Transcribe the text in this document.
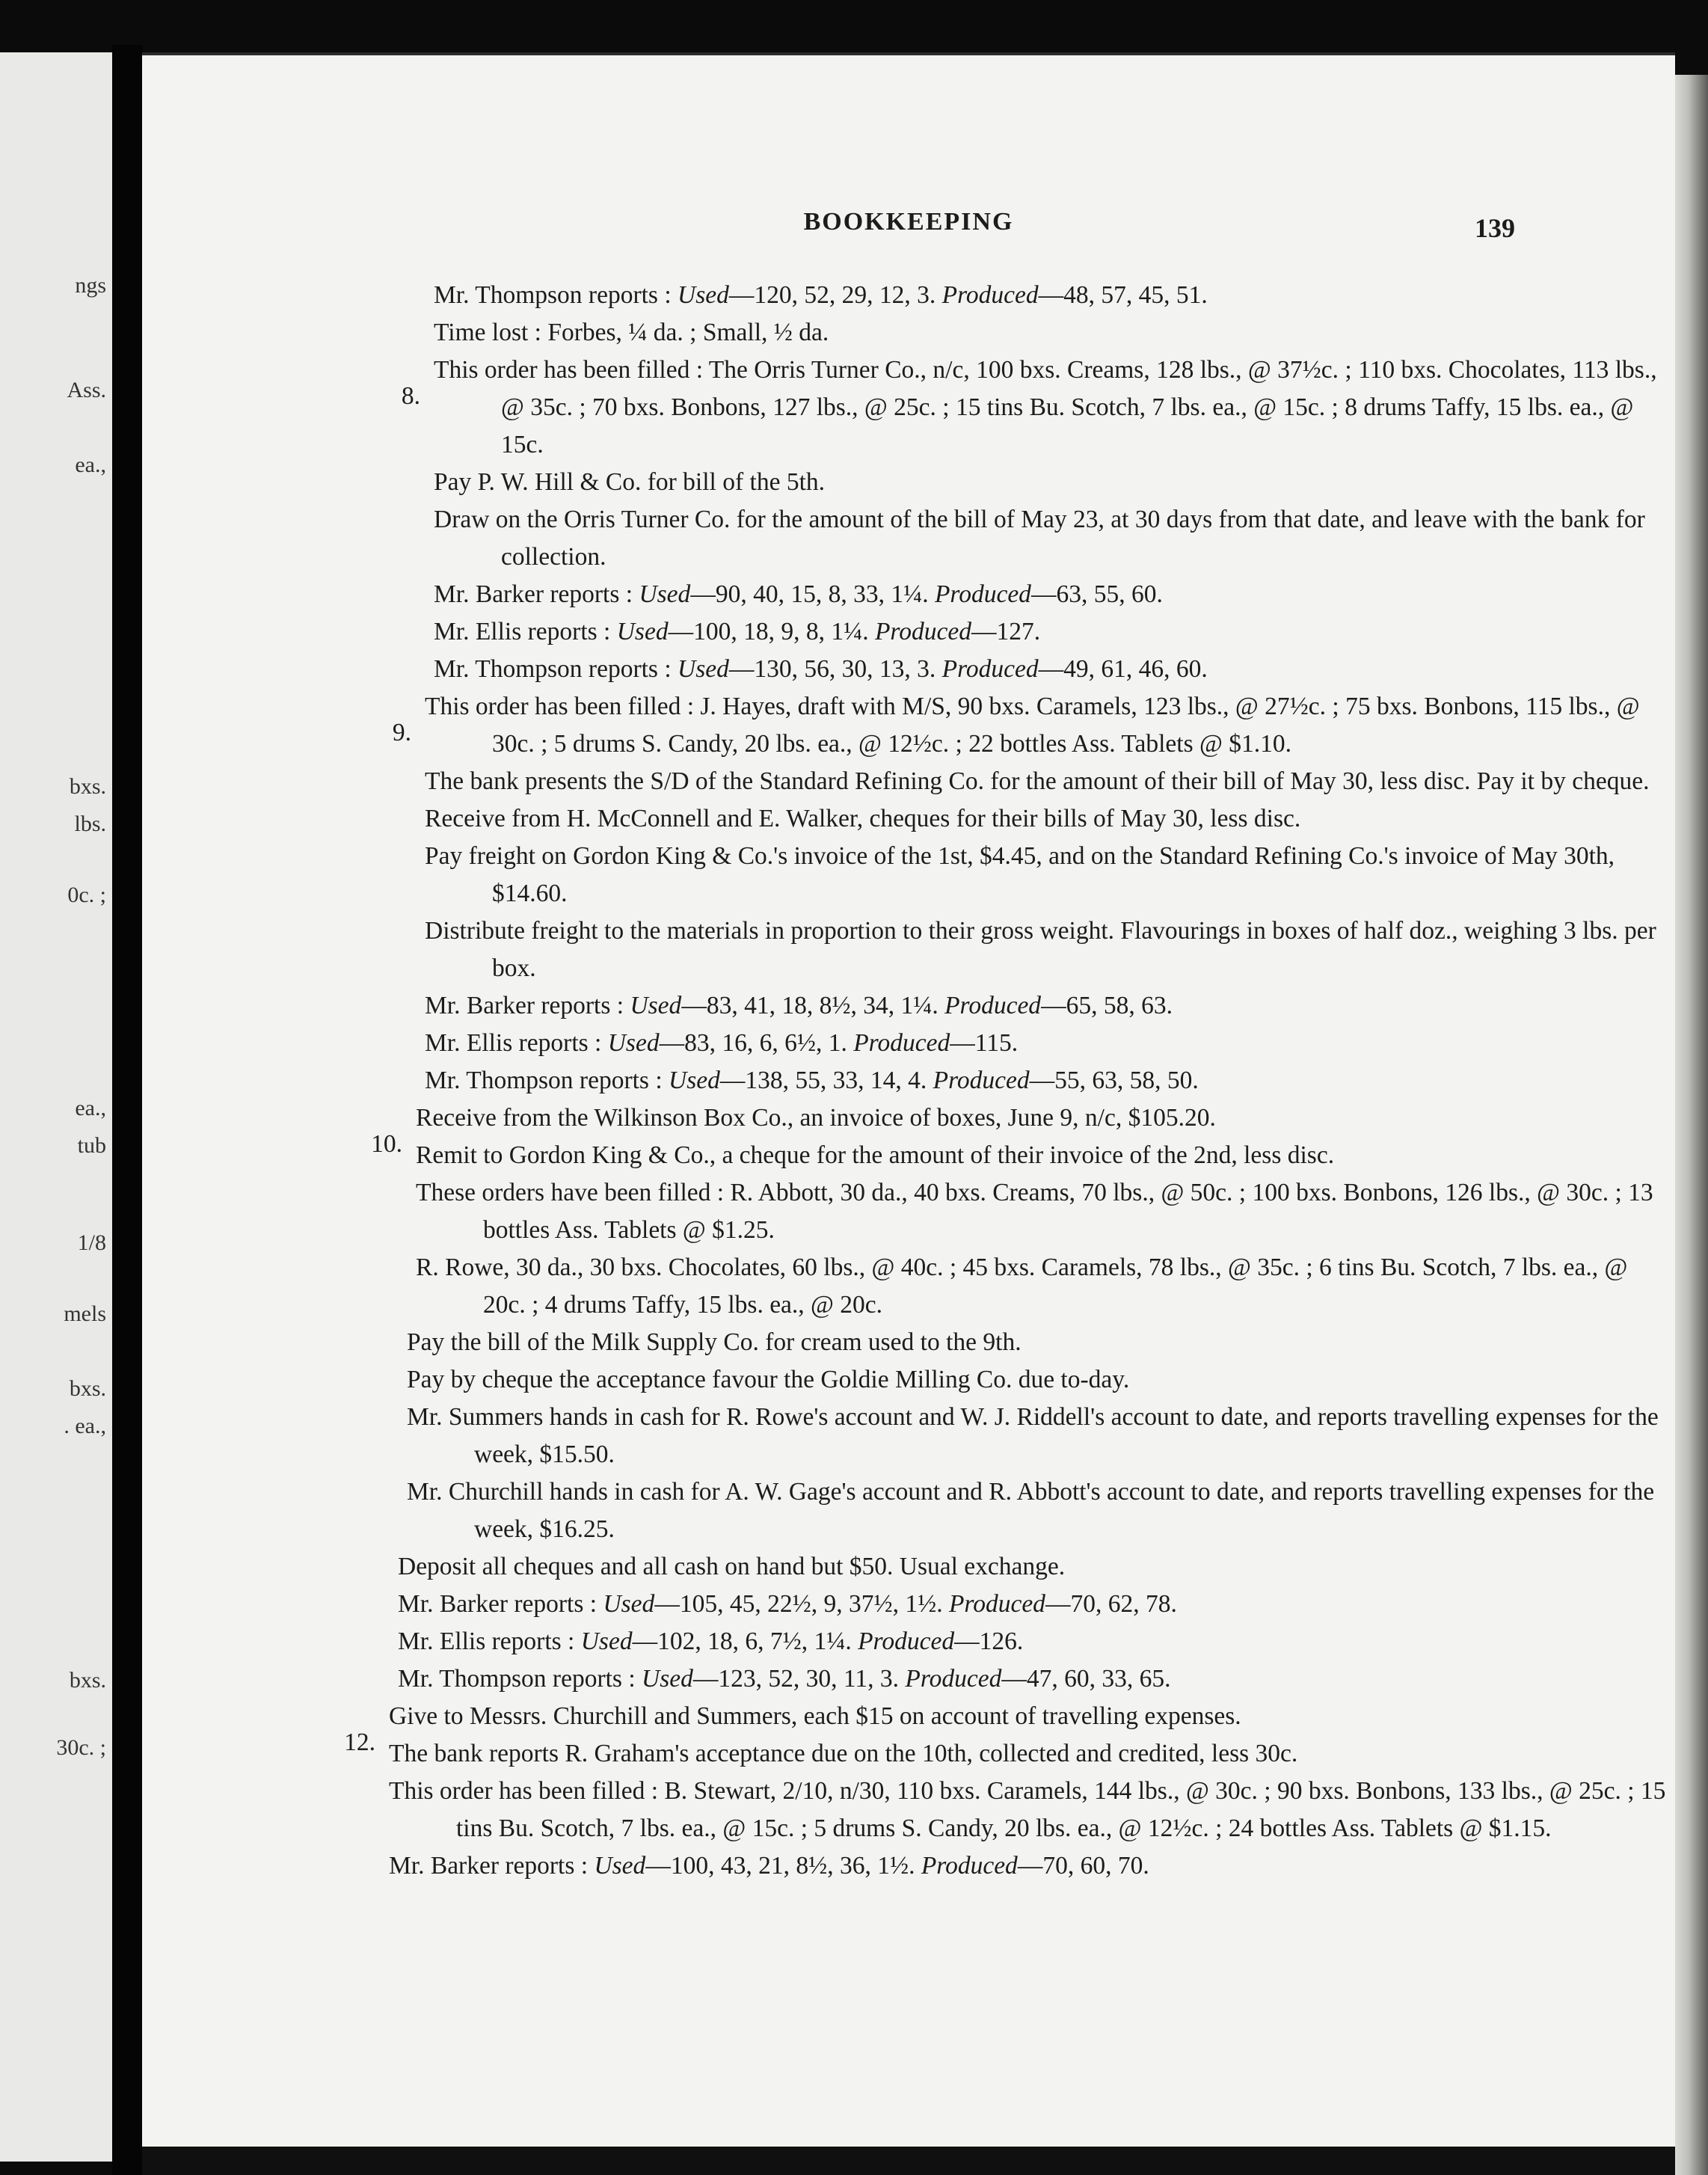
ngs
Ass.
ea.,
bxs.
lbs.
0c. ;
ea.,
tub
1/8
mels
bxs.
. ea.,
bxs.
30c. ;
BOOKKEEPING	139
Mr. Thompson reports : Used—120, 52, 29, 12, 3. Produced—48, 57, 45, 51.
Time lost : Forbes, ¼ da. ; Small, ½ da.
8.
This order has been filled : The Orris Turner Co., n/c, 100 bxs. Creams, 128 lbs., @ 37½c. ; 110 bxs. Chocolates, 113 lbs., @ 35c. ; 70 bxs. Bonbons, 127 lbs., @ 25c. ; 15 tins Bu. Scotch, 7 lbs. ea., @ 15c. ; 8 drums Taffy, 15 lbs. ea., @ 15c.
Pay P. W. Hill & Co. for bill of the 5th.
Draw on the Orris Turner Co. for the amount of the bill of May 23, at 30 days from that date, and leave with the bank for collection.
Mr. Barker reports : Used—90, 40, 15, 8, 33, 1¼. Produced—63, 55, 60.
Mr. Ellis reports : Used—100, 18, 9, 8, 1¼. Produced—127.
Mr. Thompson reports : Used—130, 56, 30, 13, 3. Produced—49, 61, 46, 60.
9.
This order has been filled : J. Hayes, draft with M/S, 90 bxs. Caramels, 123 lbs., @ 27½c. ; 75 bxs. Bonbons, 115 lbs., @ 30c. ; 5 drums S. Candy, 20 lbs. ea., @ 12½c. ; 22 bottles Ass. Tablets @ $1.10.
The bank presents the S/D of the Standard Refining Co. for the amount of their bill of May 30, less disc. Pay it by cheque.
Receive from H. McConnell and E. Walker, cheques for their bills of May 30, less disc.
Pay freight on Gordon King & Co.'s invoice of the 1st, $4.45, and on the Standard Refining Co.'s invoice of May 30th, $14.60.
Distribute freight to the materials in proportion to their gross weight. Flavourings in boxes of half doz., weighing 3 lbs. per box.
Mr. Barker reports : Used—83, 41, 18, 8½, 34, 1¼. Produced—65, 58, 63.
Mr. Ellis reports : Used—83, 16, 6, 6½, 1. Produced—115.
Mr. Thompson reports : Used—138, 55, 33, 14, 4. Produced—55, 63, 58, 50.
10.
Receive from the Wilkinson Box Co., an invoice of boxes, June 9, n/c, $105.20.
Remit to Gordon King & Co., a cheque for the amount of their invoice of the 2nd, less disc.
These orders have been filled : R. Abbott, 30 da., 40 bxs. Creams, 70 lbs., @ 50c. ; 100 bxs. Bonbons, 126 lbs., @ 30c. ; 13 bottles Ass. Tablets @ $1.25.
R. Rowe, 30 da., 30 bxs. Chocolates, 60 lbs., @ 40c. ; 45 bxs. Caramels, 78 lbs., @ 35c. ; 6 tins Bu. Scotch, 7 lbs. ea., @ 20c. ; 4 drums Taffy, 15 lbs. ea., @ 20c.
Pay the bill of the Milk Supply Co. for cream used to the 9th.
Pay by cheque the acceptance favour the Goldie Milling Co. due to-day.
Mr. Summers hands in cash for R. Rowe's account and W. J. Riddell's account to date, and reports travelling expenses for the week, $15.50.
Mr. Churchill hands in cash for A. W. Gage's account and R. Abbott's account to date, and reports travelling expenses for the week, $16.25.
Deposit all cheques and all cash on hand but $50. Usual exchange.
Mr. Barker reports : Used—105, 45, 22½, 9, 37½, 1½. Produced—70, 62, 78.
Mr. Ellis reports : Used—102, 18, 6, 7½, 1¼. Produced—126.
Mr. Thompson reports : Used—123, 52, 30, 11, 3. Produced—47, 60, 33, 65.
12.
Give to Messrs. Churchill and Summers, each $15 on account of travelling expenses.
The bank reports R. Graham's acceptance due on the 10th, collected and credited, less 30c.
This order has been filled : B. Stewart, 2/10, n/30, 110 bxs. Caramels, 144 lbs., @ 30c. ; 90 bxs. Bonbons, 133 lbs., @ 25c. ; 15 tins Bu. Scotch, 7 lbs. ea., @ 15c. ; 5 drums S. Candy, 20 lbs. ea., @ 12½c. ; 24 bottles Ass. Tablets @ $1.15.
Mr. Barker reports : Used—100, 43, 21, 8½, 36, 1½. Produced—70, 60, 70.
